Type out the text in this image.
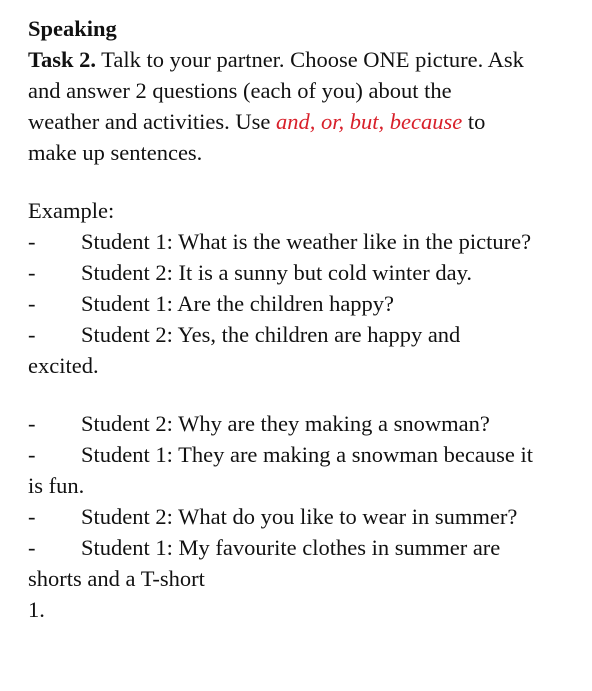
Speaking
Task 2. Talk to your partner. Choose ONE picture. Ask
and answer 2 questions (each of you) about the
weather and activities. Use and, or, but, because to
make up sentences.
Example:
- Student 1: What is the weather like in the picture?
- Student 2: It is a sunny but cold winter day.
- Student 1: Are the children happy?
- Student 2: Yes, the children are happy and
excited.
- Student 2: Why are they making a snowman?
- Student 1: They are making a snowman because it
is fun.
- Student 2: What do you like to wear in summer?
- Student 1: My favourite clothes in summer are
shorts and a T-short
1.
